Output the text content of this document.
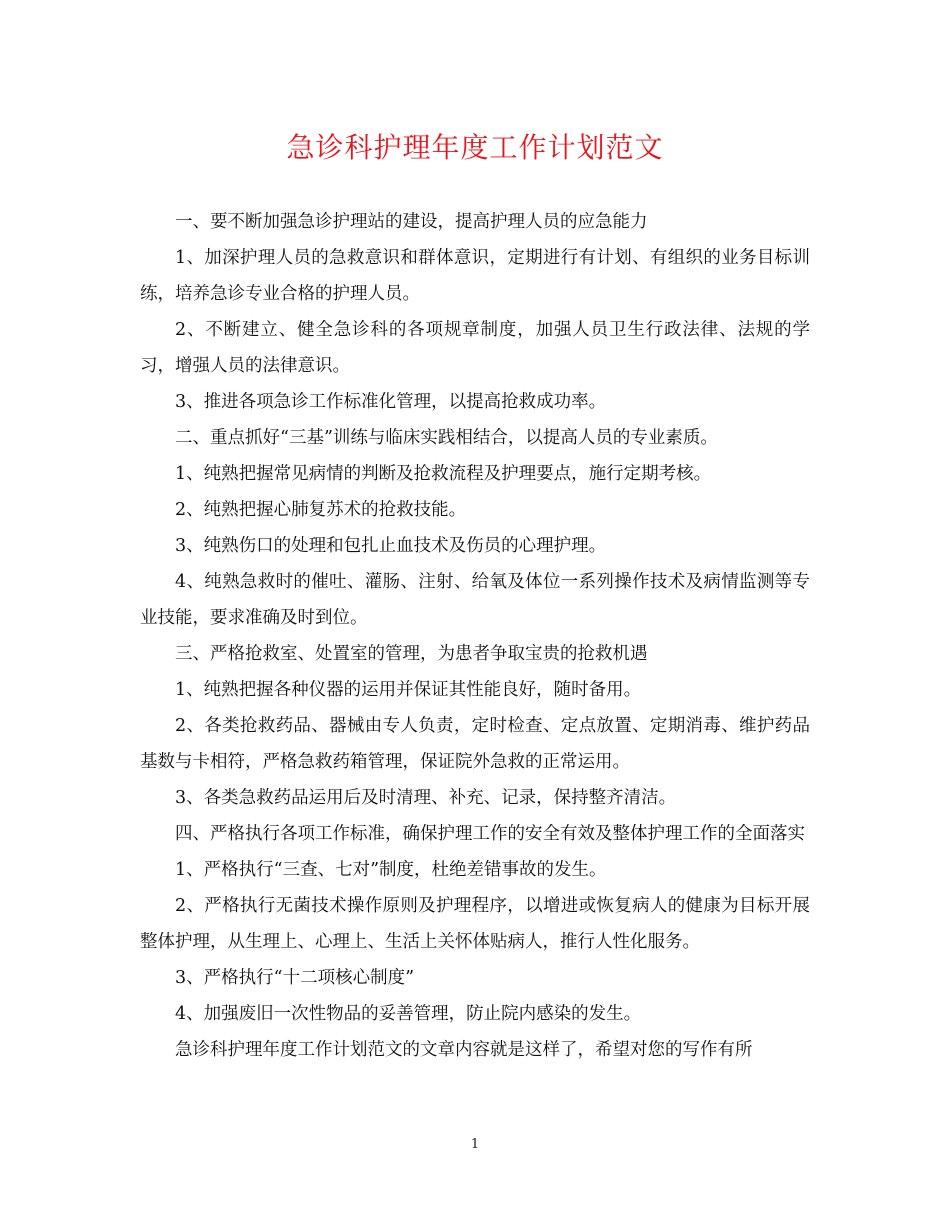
急诊科护理年度工作计划范文

一、要不断加强急诊护理站的建设，提高护理人员的应急能力

1、加深护理人员的急救意识和群体意识，定期进行有计划、有组织的业务目标训练，培养急诊专业合格的护理人员。

2、不断建立、健全急诊科的各项规章制度，加强人员卫生行政法律、法规的学习，增强人员的法律意识。

3、推进各项急诊工作标准化管理，以提高抢救成功率。

二、重点抓好“三基”训练与临床实践相结合，以提高人员的专业素质。

1、纯熟把握常见病情的判断及抢救流程及护理要点，施行定期考核。

2、纯熟把握心肺复苏术的抢救技能。

3、纯熟伤口的处理和包扎止血技术及伤员的心理护理。

4、纯熟急救时的催吐、灌肠、注射、给氧及体位一系列操作技术及病情监测等专业技能，要求准确及时到位。

三、严格抢救室、处置室的管理，为患者争取宝贵的抢救机遇

1、纯熟把握各种仪器的运用并保证其性能良好，随时备用。

2、各类抢救药品、器械由专人负责，定时检查、定点放置、定期消毒、维护药品基数与卡相符，严格急救药箱管理，保证院外急救的正常运用。

3、各类急救药品运用后及时清理、补充、记录，保持整齐清洁。

四、严格执行各项工作标准，确保护理工作的安全有效及整体护理工作的全面落实

1、严格执行“三查、七对”制度，杜绝差错事故的发生。

2、严格执行无菌技术操作原则及护理程序，以增进或恢复病人的健康为目标开展整体护理，从生理上、心理上、生活上关怀体贴病人，推行人性化服务。

3、严格执行“十二项核心制度”

4、加强废旧一次性物品的妥善管理，防止院内感染的发生。

急诊科护理年度工作计划范文的文章内容就是这样了，希望对您的写作有所

1
